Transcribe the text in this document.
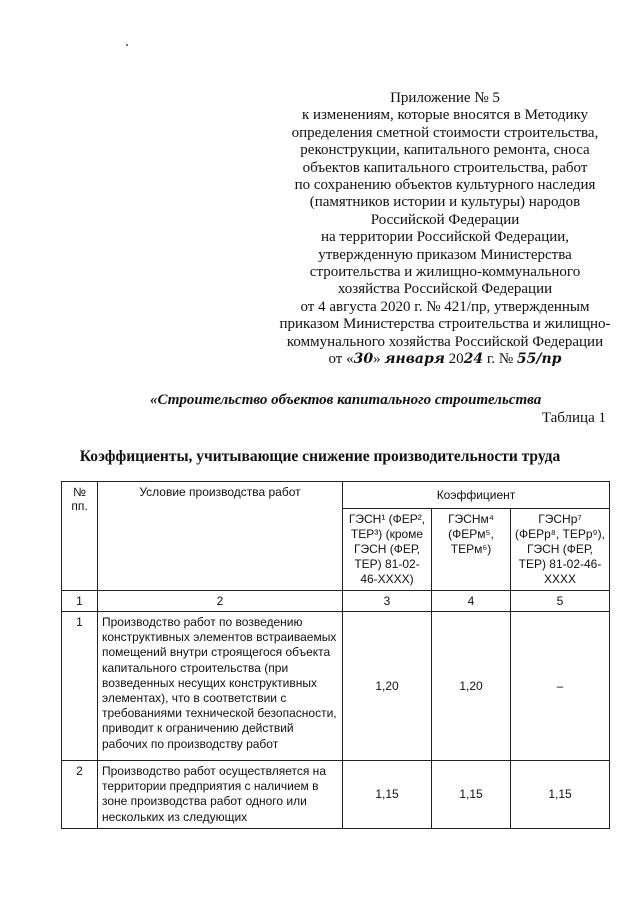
Приложение № 5
к изменениям, которые вносятся в Методику
определения сметной стоимости строительства,
реконструкции, капитального ремонта, сноса
объектов капитального строительства, работ
по сохранению объектов культурного наследия
(памятников истории и культуры) народов
Российской Федерации
на территории Российской Федерации,
утвержденную приказом Министерства
строительства и жилищно-коммунального
хозяйства Российской Федерации
от 4 августа 2020 г. № 421/пр, утвержденным
приказом Министерства строительства и жилищно-
коммунального хозяйства Российской Федерации
от «30» января 2024 г. № 55/пр
«Строительство объектов капитального строительства
Таблица 1
Коэффициенты, учитывающие снижение производительности труда
№ пп.	Условие производства работ	Коэффициент		
		ГЭСН¹ (ФЕР², ТЕР³) (кроме ГЭСН (ФЕР, ТЕР) 81-02-46-XXXX)	ГЭСНм⁴ (ФЕРм⁵, ТЕРм⁶)	ГЭСНр⁷ (ФЕРр⁸, ТЕРр⁹), ГЭСН (ФЕР, ТЕР) 81-02-46-XXXX
1	2	3	4	5
1	Производство работ по возведению конструктивных элементов встраиваемых помещений внутри строящегося объекта капитального строительства (при возведенных несущих конструктивных элементах), что в соответствии с требованиями технической безопасности, приводит к ограничению действий рабочих по производству работ	1,20	1,20	–
2	Производство работ осуществляется на территории предприятия с наличием в зоне производства работ одного или нескольких из следующих	1,15	1,15	1,15
